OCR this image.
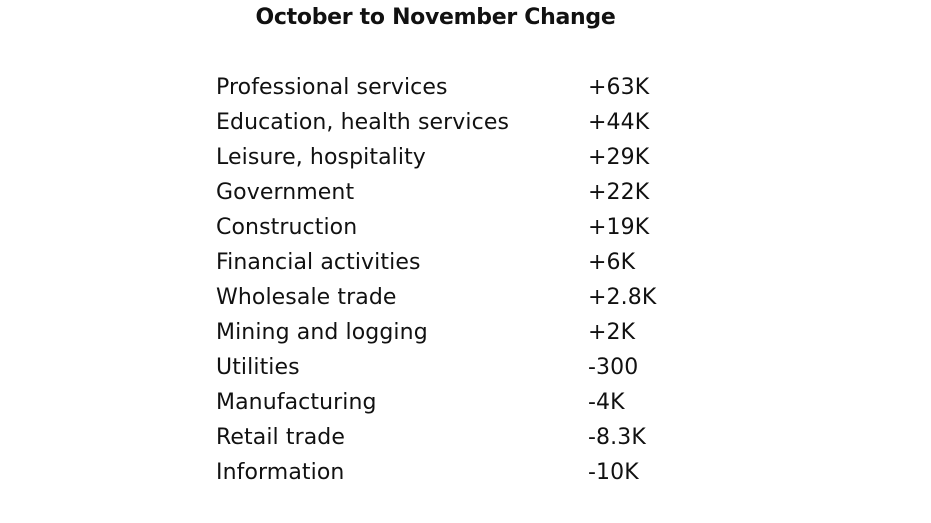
October to November Change
Professional services	+63K
Education, health services	+44K
Leisure, hospitality	+29K
Government	+22K
Construction	+19K
Financial activities	+6K
Wholesale trade	+2.8K
Mining and logging	+2K
Utilities	-300
Manufacturing	-4K
Retail trade	-8.3K
Information	-10K
